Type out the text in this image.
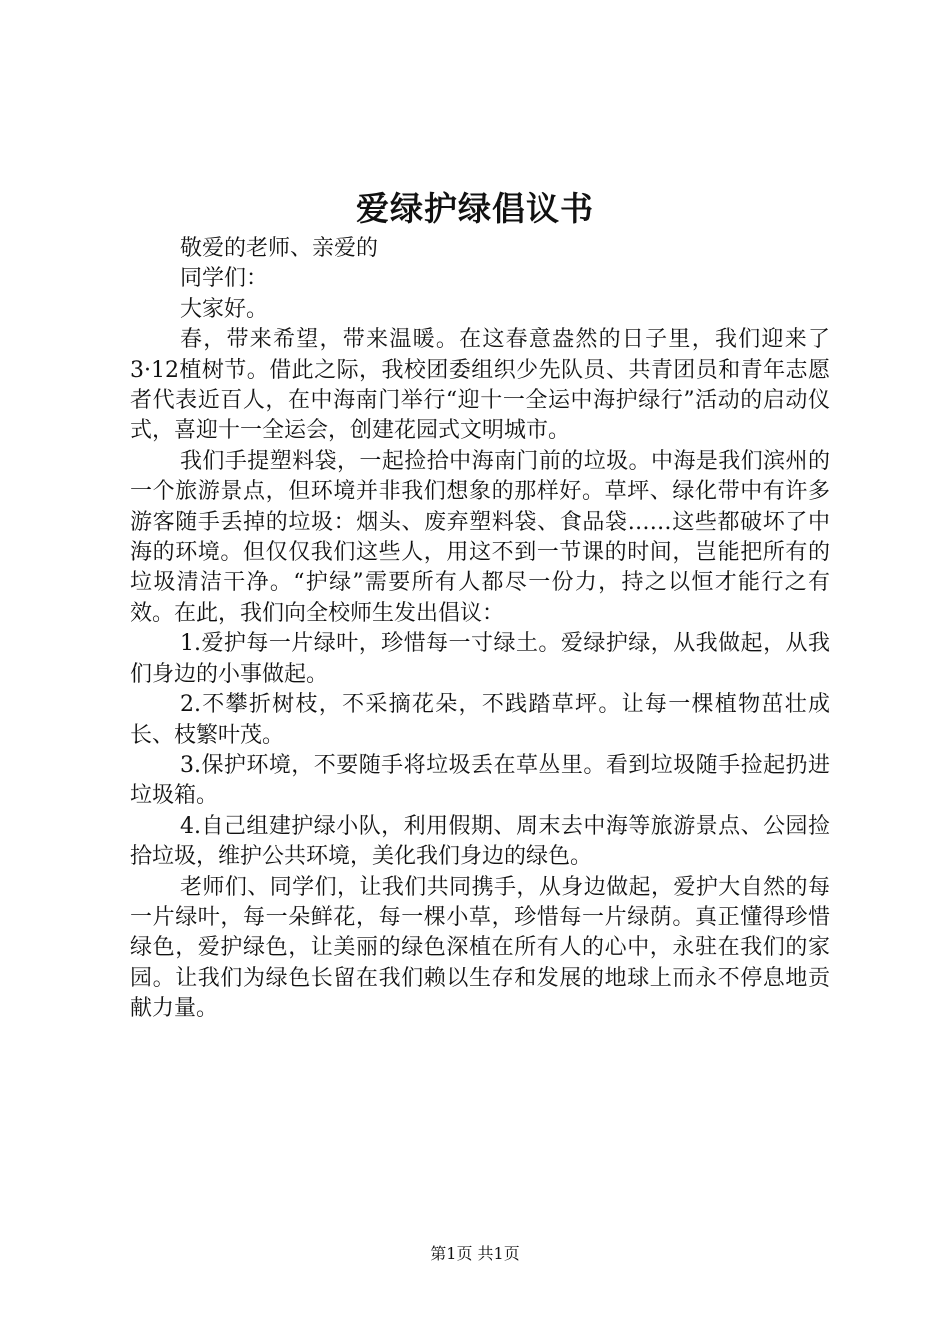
爱绿护绿倡议书

敬爱的老师、亲爱的

同学们：

大家好。

春，带来希望，带来温暖。在这春意盎然的日子里，我们迎来了3·12植树节。借此之际，我校团委组织少先队员、共青团员和青年志愿者代表近百人，在中海南门举行“迎十一全运中海护绿行”活动的启动仪式，喜迎十一全运会，创建花园式文明城市。

我们手提塑料袋，一起捡拾中海南门前的垃圾。中海是我们滨州的一个旅游景点，但环境并非我们想象的那样好。草坪、绿化带中有许多游客随手丢掉的垃圾：烟头、废弃塑料袋、食品袋……这些都破坏了中海的环境。但仅仅我们这些人，用这不到一节课的时间，岂能把所有的垃圾清洁干净。“护绿”需要所有人都尽一份力，持之以恒才能行之有效。在此，我们向全校师生发出倡议：

1.爱护每一片绿叶，珍惜每一寸绿土。爱绿护绿，从我做起，从我们身边的小事做起。

2.不攀折树枝，不采摘花朵，不践踏草坪。让每一棵植物茁壮成长、枝繁叶茂。

3.保护环境，不要随手将垃圾丢在草丛里。看到垃圾随手捡起扔进垃圾箱。

4.自己组建护绿小队，利用假期、周末去中海等旅游景点、公园捡拾垃圾，维护公共环境，美化我们身边的绿色。

老师们、同学们，让我们共同携手，从身边做起，爱护大自然的每一片绿叶，每一朵鲜花，每一棵小草，珍惜每一片绿荫。真正懂得珍惜绿色，爱护绿色，让美丽的绿色深植在所有人的心中，永驻在我们的家园。让我们为绿色长留在我们赖以生存和发展的地球上而永不停息地贡献力量。

第1页 共1页
